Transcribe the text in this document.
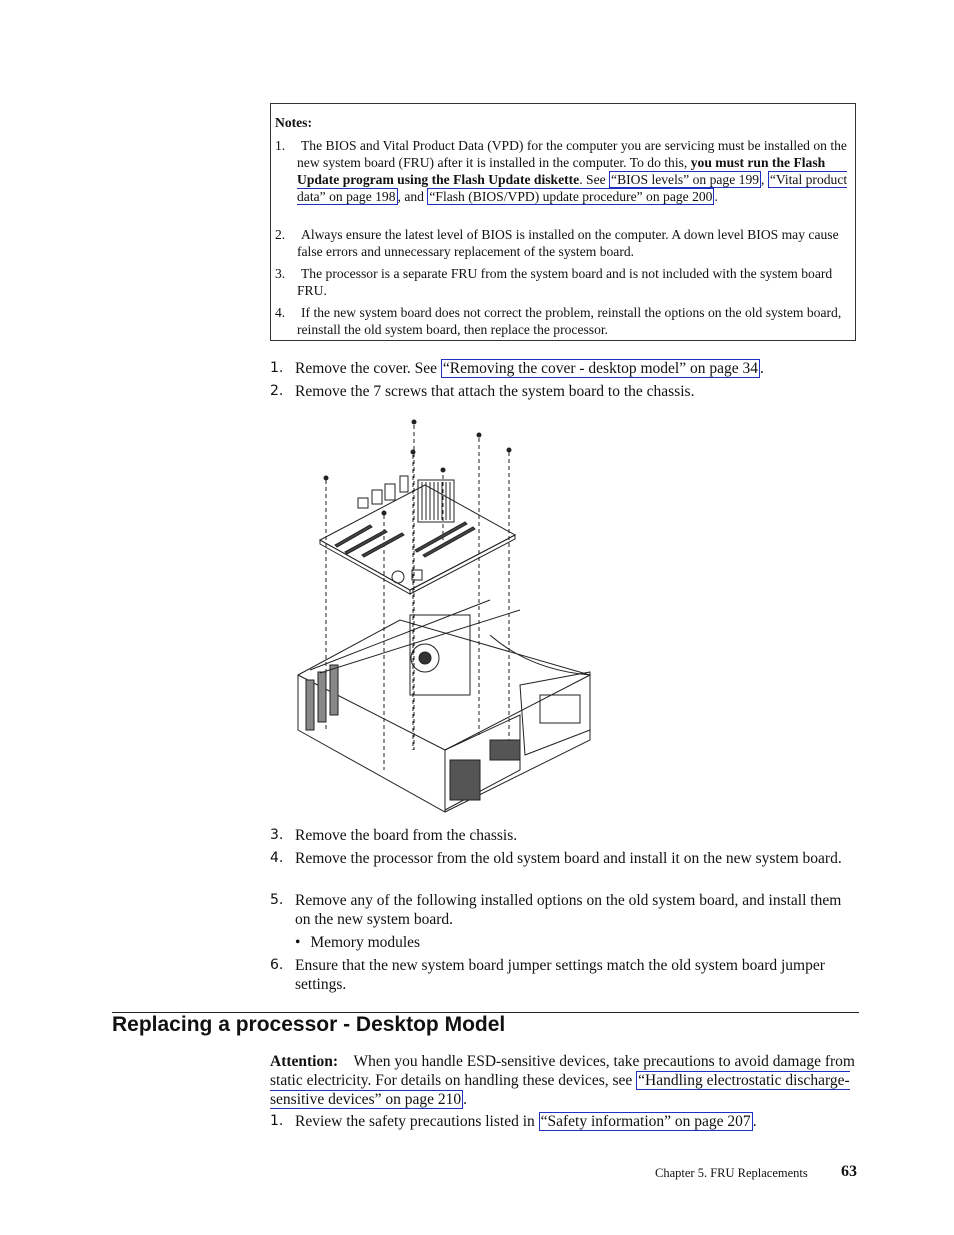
Notes:
1. The BIOS and Vital Product Data (VPD) for the computer you are servicing must be installed on the new system board (FRU) after it is installed in the computer. To do this, you must run the Flash Update program using the Flash Update diskette. See “BIOS levels” on page 199 , “Vital product data” on page 198 , and “Flash (BIOS/VPD) update procedure” on page 200 .
2. Always ensure the latest level of BIOS is installed on the computer. A down level BIOS may cause false errors and unnecessary replacement of the system board.
3. The processor is a separate FRU from the system board and is not included with the system board FRU.
4. If the new system board does not correct the problem, reinstall the options on the old system board, reinstall the old system board, then replace the processor.
1. Remove the cover. See “Removing the cover - desktop model” on page 34 .
2. Remove the 7 screws that attach the system board to the chassis.
3. Remove the board from the chassis.
4. Remove the processor from the old system board and install it on the new system board.
5. Remove any of the following installed options on the old system board, and install them on the new system board.
• Memory modules
6. Ensure that the new system board jumper settings match the old system board jumper settings.
Replacing a processor - Desktop Model
Attention: When you handle ESD-sensitive devices, take precautions to avoid damage from static electricity. For details on handling these devices, see “Handling electrostatic discharge-sensitive devices” on page 210 .
1. Review the safety precautions listed in “Safety information” on page 207 .
Chapter 5. FRU Replacements 63
